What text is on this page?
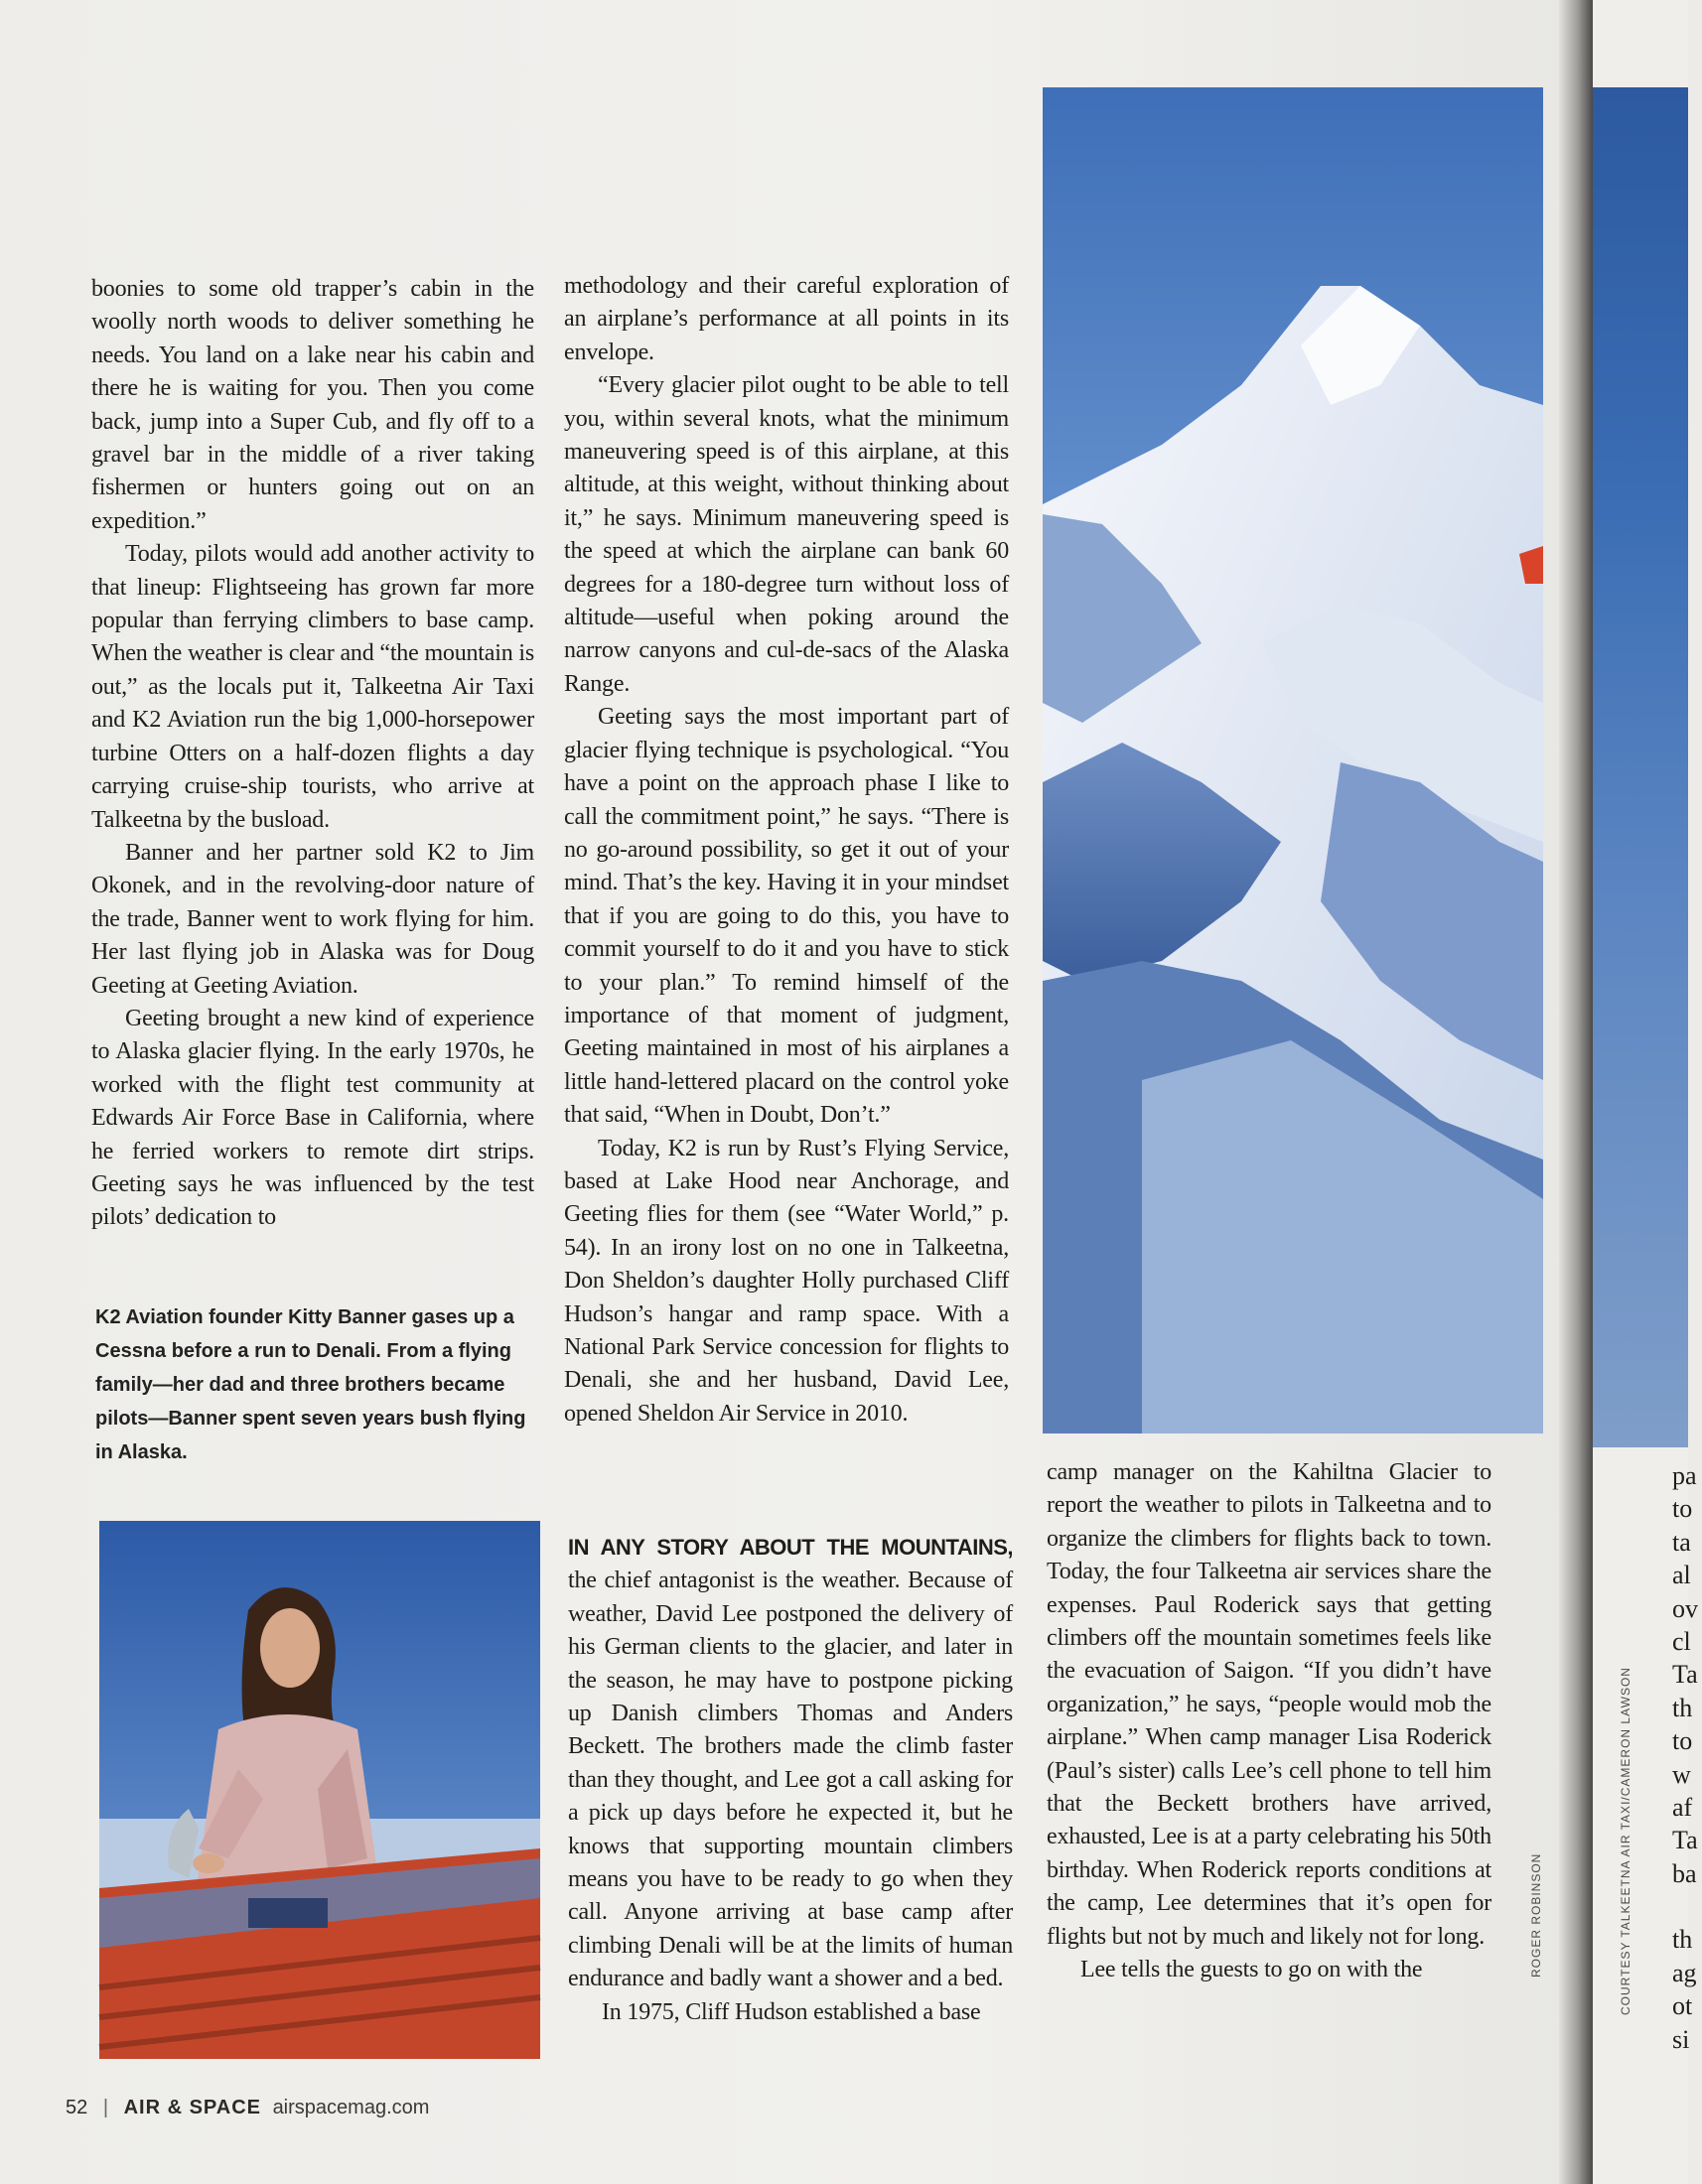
pa
to
ta
al
ov
cl
Ta
th
to
w
af
Ta
ba
th
ag
ot
si

boonies to some old trapper’s cabin in the woolly north woods to deliver something he needs. You land on a lake near his cabin and there he is waiting for you. Then you come back, jump into a Super Cub, and fly off to a gravel bar in the middle of a river taking fishermen or hunters going out on an expedition.”

Today, pilots would add another activity to that lineup: Flightseeing has grown far more popular than ferrying climbers to base camp. When the weather is clear and “the mountain is out,” as the locals put it, Talkeetna Air Taxi and K2 Aviation run the big 1,000-horsepower turbine Otters on a half-dozen flights a day carrying cruise-ship tourists, who arrive at Talkeetna by the busload.

Banner and her partner sold K2 to Jim Okonek, and in the revolving-door nature of the trade, Banner went to work flying for him. Her last flying job in Alaska was for Doug Geeting at Geeting Aviation.

Geeting brought a new kind of experience to Alaska glacier flying. In the early 1970s, he worked with the flight test community at Edwards Air Force Base in California, where he ferried workers to remote dirt strips. Geeting says he was influenced by the test pilots’ dedication to

K2 Aviation founder Kitty Banner gases up a Cessna before a run to Denali. From a flying family—her dad and three brothers became pilots—Banner spent seven years bush flying in Alaska.

methodology and their careful exploration of an airplane’s performance at all points in its envelope.

“Every glacier pilot ought to be able to tell you, within several knots, what the minimum maneuvering speed is of this airplane, at this altitude, at this weight, without thinking about it,” he says. Minimum maneuvering speed is the speed at which the airplane can bank 60 degrees for a 180-degree turn without loss of altitude—useful when poking around the narrow canyons and cul-de-sacs of the Alaska Range.

Geeting says the most important part of glacier flying technique is psychological. “You have a point on the approach phase I like to call the commitment point,” he says. “There is no go-around possibility, so get it out of your mind. That’s the key. Having it in your mindset that if you are going to do this, you have to commit yourself to do it and you have to stick to your plan.” To remind himself of the importance of that moment of judgment, Geeting maintained in most of his airplanes a little hand-lettered placard on the control yoke that said, “When in Doubt, Don’t.”

Today, K2 is run by Rust’s Flying Service, based at Lake Hood near Anchorage, and Geeting flies for them (see “Water World,” p. 54). In an irony lost on no one in Talkeetna, Don Sheldon’s daughter Holly purchased Cliff Hudson’s hangar and ramp space. With a National Park Service concession for flights to Denali, she and her husband, David Lee, opened Sheldon Air Service in 2010.

IN ANY STORY ABOUT THE MOUNTAINS, the chief antagonist is the weather. Because of weather, David Lee postponed the delivery of his German clients to the glacier, and later in the season, he may have to postpone picking up Danish climbers Thomas and Anders Beckett. The brothers made the climb faster than they thought, and Lee got a call asking for a pick up days before he expected it, but he knows that supporting mountain climbers means you have to be ready to go when they call. Anyone arriving at base camp after climbing Denali will be at the limits of human endurance and badly want a shower and a bed.

In 1975, Cliff Hudson established a base

camp manager on the Kahiltna Glacier to report the weather to pilots in Talkeetna and to organize the climbers for flights back to town. Today, the four Talkeetna air services share the expenses. Paul Roderick says that getting climbers off the mountain sometimes feels like the evacuation of Saigon. “If you didn’t have organization,” he says, “people would mob the airplane.” When camp manager Lisa Roderick (Paul’s sister) calls Lee’s cell phone to tell him that the Beckett brothers have arrived, exhausted, Lee is at a party celebrating his 50th birthday. When Roderick reports conditions at the camp, Lee determines that it’s open for flights but not by much and likely not for long.

Lee tells the guests to go on with the	ROGER ROBINSON	COURTESY TALKEETNA AIR TAXI/CAMERON LAWSON
52 | AIR & SPACE airspacemag.com
